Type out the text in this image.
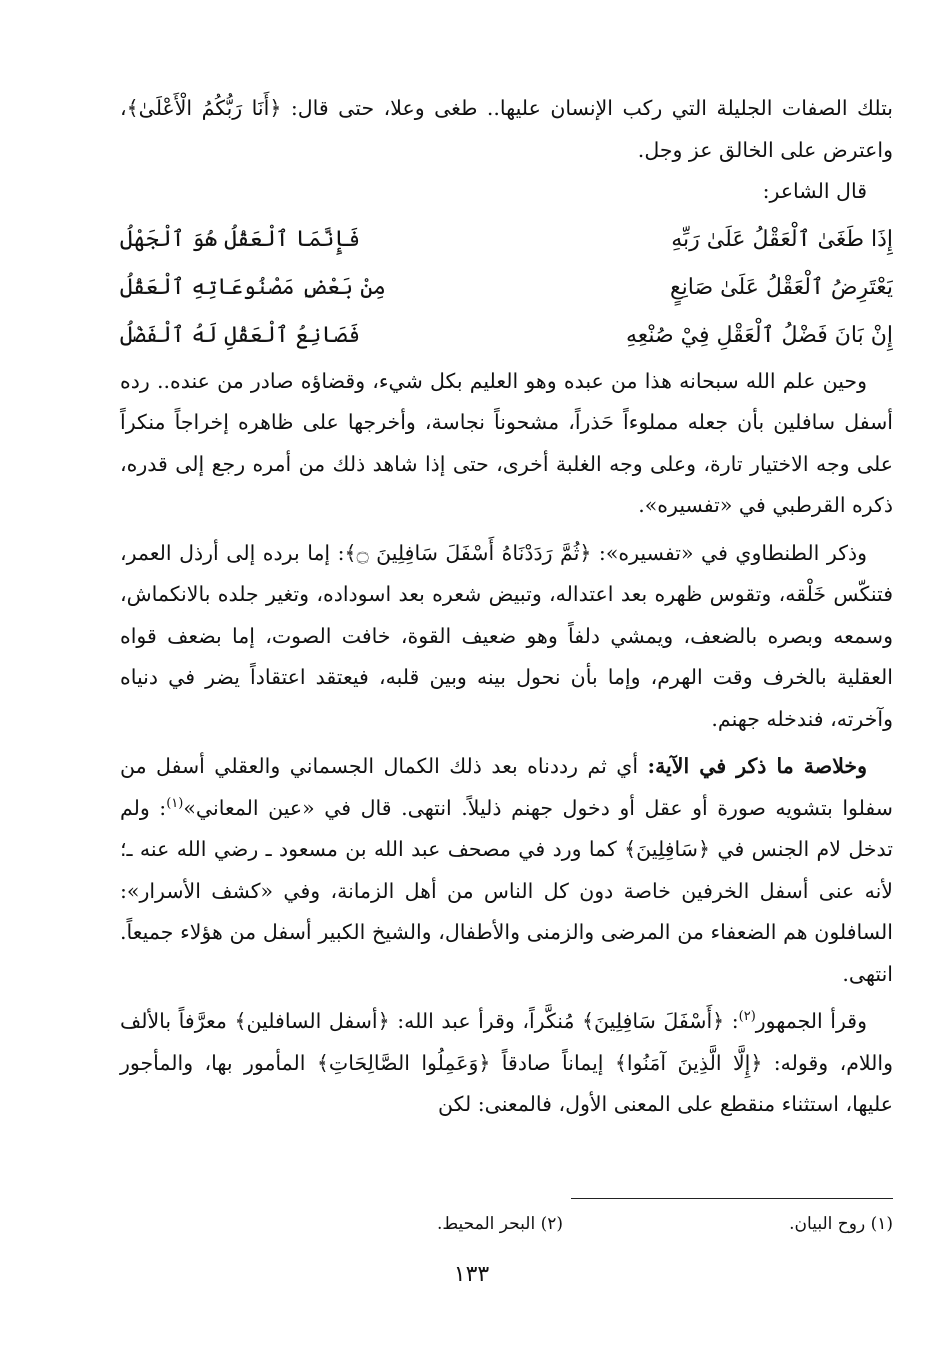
بتلك الصفات الجليلة التي ركب الإنسان عليها.. طغى وعلا، حتى قال: ﴿أَنَا رَبُّكُمُ الْأَعْلَىٰ﴾، واعترض على الخالق عز وجل.

قال الشاعر:

إِذَا طَغَىٰ ٱلْعَقْلُ عَلَىٰ رَبِّهِ
فَإِنَّمَا ٱلْعَقْلُ هُوَ ٱلْجَهْلُ
يَعْتَرِضُ ٱلْعَقْلُ عَلَىٰ صَانِعٍ
مِنْ بَعْضِ مَصْنُوعَاتِهِ ٱلْعَقْلُ
إِنْ بَانَ فَضْلُ ٱلْعَقْلِ فِيْ صُنْعِهِ
فَصَانِعُ ٱلْعَقْلِ لَهُ ٱلْفَضْلُ

وحين علم الله سبحانه هذا من عبده وهو العليم بكل شيء، وقضاؤه صادر من عنده.. رده أسفل سافلين بأن جعله مملوءاً حَذراً، مشحوناً نجاسة، وأخرجها على ظاهره إخراجاً منكراً على وجه الاختيار تارة، وعلى وجه الغلبة أخرى، حتى إذا شاهد ذلك من أمره رجع إلى قدره، ذكره القرطبي في «تفسيره».

وذكر الطنطاوي في «تفسيره»: ﴿ثُمَّ رَدَدْنَاهُ أَسْفَلَ سَافِلِينَ ۝﴾: إما برده إلى أرذل العمر، فتنكّس خَلْقه، وتقوس ظهره بعد اعتداله، وتبيض شعره بعد اسوداده، وتغير جلده بالانكماش، وسمعه وبصره بالضعف، ويمشي دلفاً وهو ضعيف القوة، خافت الصوت، إما بضعف قواه العقلية بالخرف وقت الهرم، وإما بأن نحول بينه وبين قلبه، فيعتقد اعتقاداً يضر في دنياه وآخرته، فندخله جهنم.

وخلاصة ما ذكر في الآية: أي ثم رددناه بعد ذلك الكمال الجسماني والعقلي أسفل من سفلوا بتشويه صورة أو عقل أو دخول جهنم ذليلاً. انتهى. قال في «عين المعاني»$^{(١)}$: ولم تدخل لام الجنس في ﴿سَافِلِينَ﴾ كما ورد في مصحف عبد الله بن مسعود ـ رضي الله عنه ـ؛ لأنه عنى أسفل الخرفين خاصة دون كل الناس من أهل الزمانة، وفي «كشف الأسرار»: السافلون هم الضعفاء من المرضى والزمنى والأطفال، والشيخ الكبير أسفل من هؤلاء جميعاً. انتهى.

وقرأ الجمهور$^{(٢)}$: ﴿أَسْفَلَ سَافِلِينَ﴾ مُنكَّراً، وقرأ عبد الله: ﴿أسفل السافلين﴾ معرَّفاً بالألف واللام، وقوله: ﴿إِلَّا الَّذِينَ آمَنُوا﴾ إيماناً صادقاً ﴿وَعَمِلُوا الصَّالِحَاتِ﴾ المأمور بها، والمأجور عليها، استثناء منقطع على المعنى الأول، فالمعنى: لكن

(١) روح البيان.
(٢) البحر المحيط.
١٣٣
